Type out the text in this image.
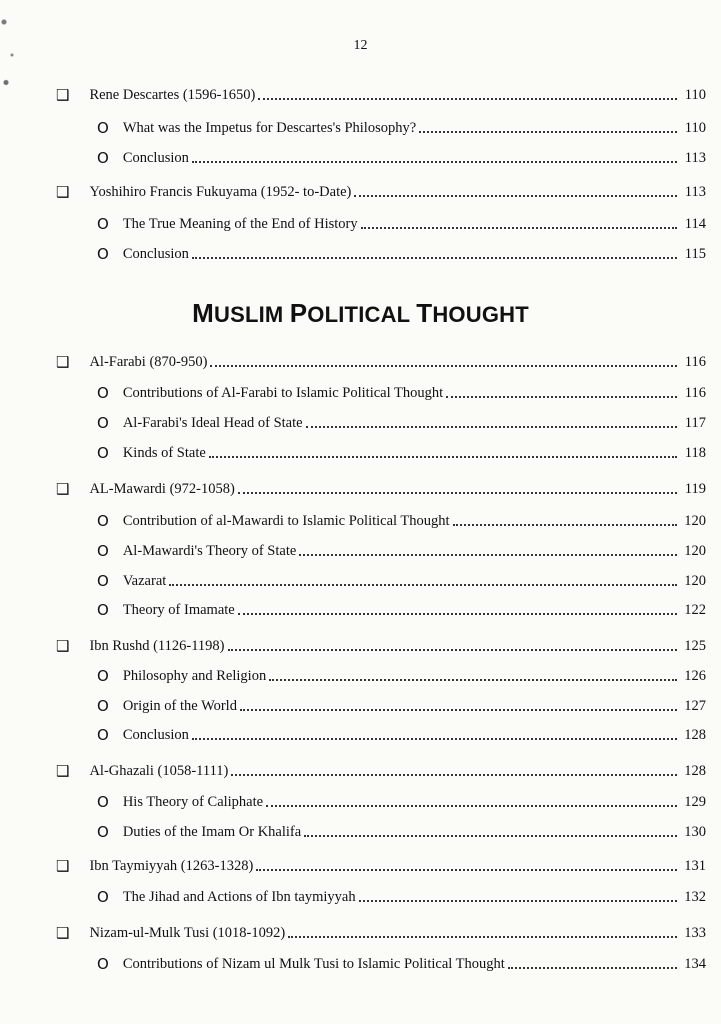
12
MUSLIM POLITICAL THOUGHT
❑ Rene Descartes (1596-1650)	110
O What was the Impetus for Descartes's Philosophy?	110
O Conclusion	113
❑ Yoshihiro Francis Fukuyama (1952- to-Date)	113
O The True Meaning of the End of History	114
O Conclusion	115
❑ Al-Farabi (870-950)	116
O Contributions of Al-Farabi to Islamic Political Thought	116
O Al-Farabi's Ideal Head of State	117
O Kinds of State	118
❑ AL-Mawardi (972-1058)	119
O Contribution of al-Mawardi to Islamic Political Thought	120
O Al-Mawardi's Theory of State	120
O Vazarat	120
O Theory of Imamate	122
❑ Ibn Rushd (1126-1198)	125
O Philosophy and Religion	126
O Origin of the World	127
O Conclusion	128
❑ Al-Ghazali (1058-1111)	128
O His Theory of Caliphate	129
O Duties of the Imam Or Khalifa	130
❑ Ibn Taymiyyah (1263-1328)	131
O The Jihad and Actions of Ibn taymiyyah	132
❑ Nizam-ul-Mulk Tusi (1018-1092)	133
O Contributions of Nizam ul Mulk Tusi to Islamic Political Thought	134
